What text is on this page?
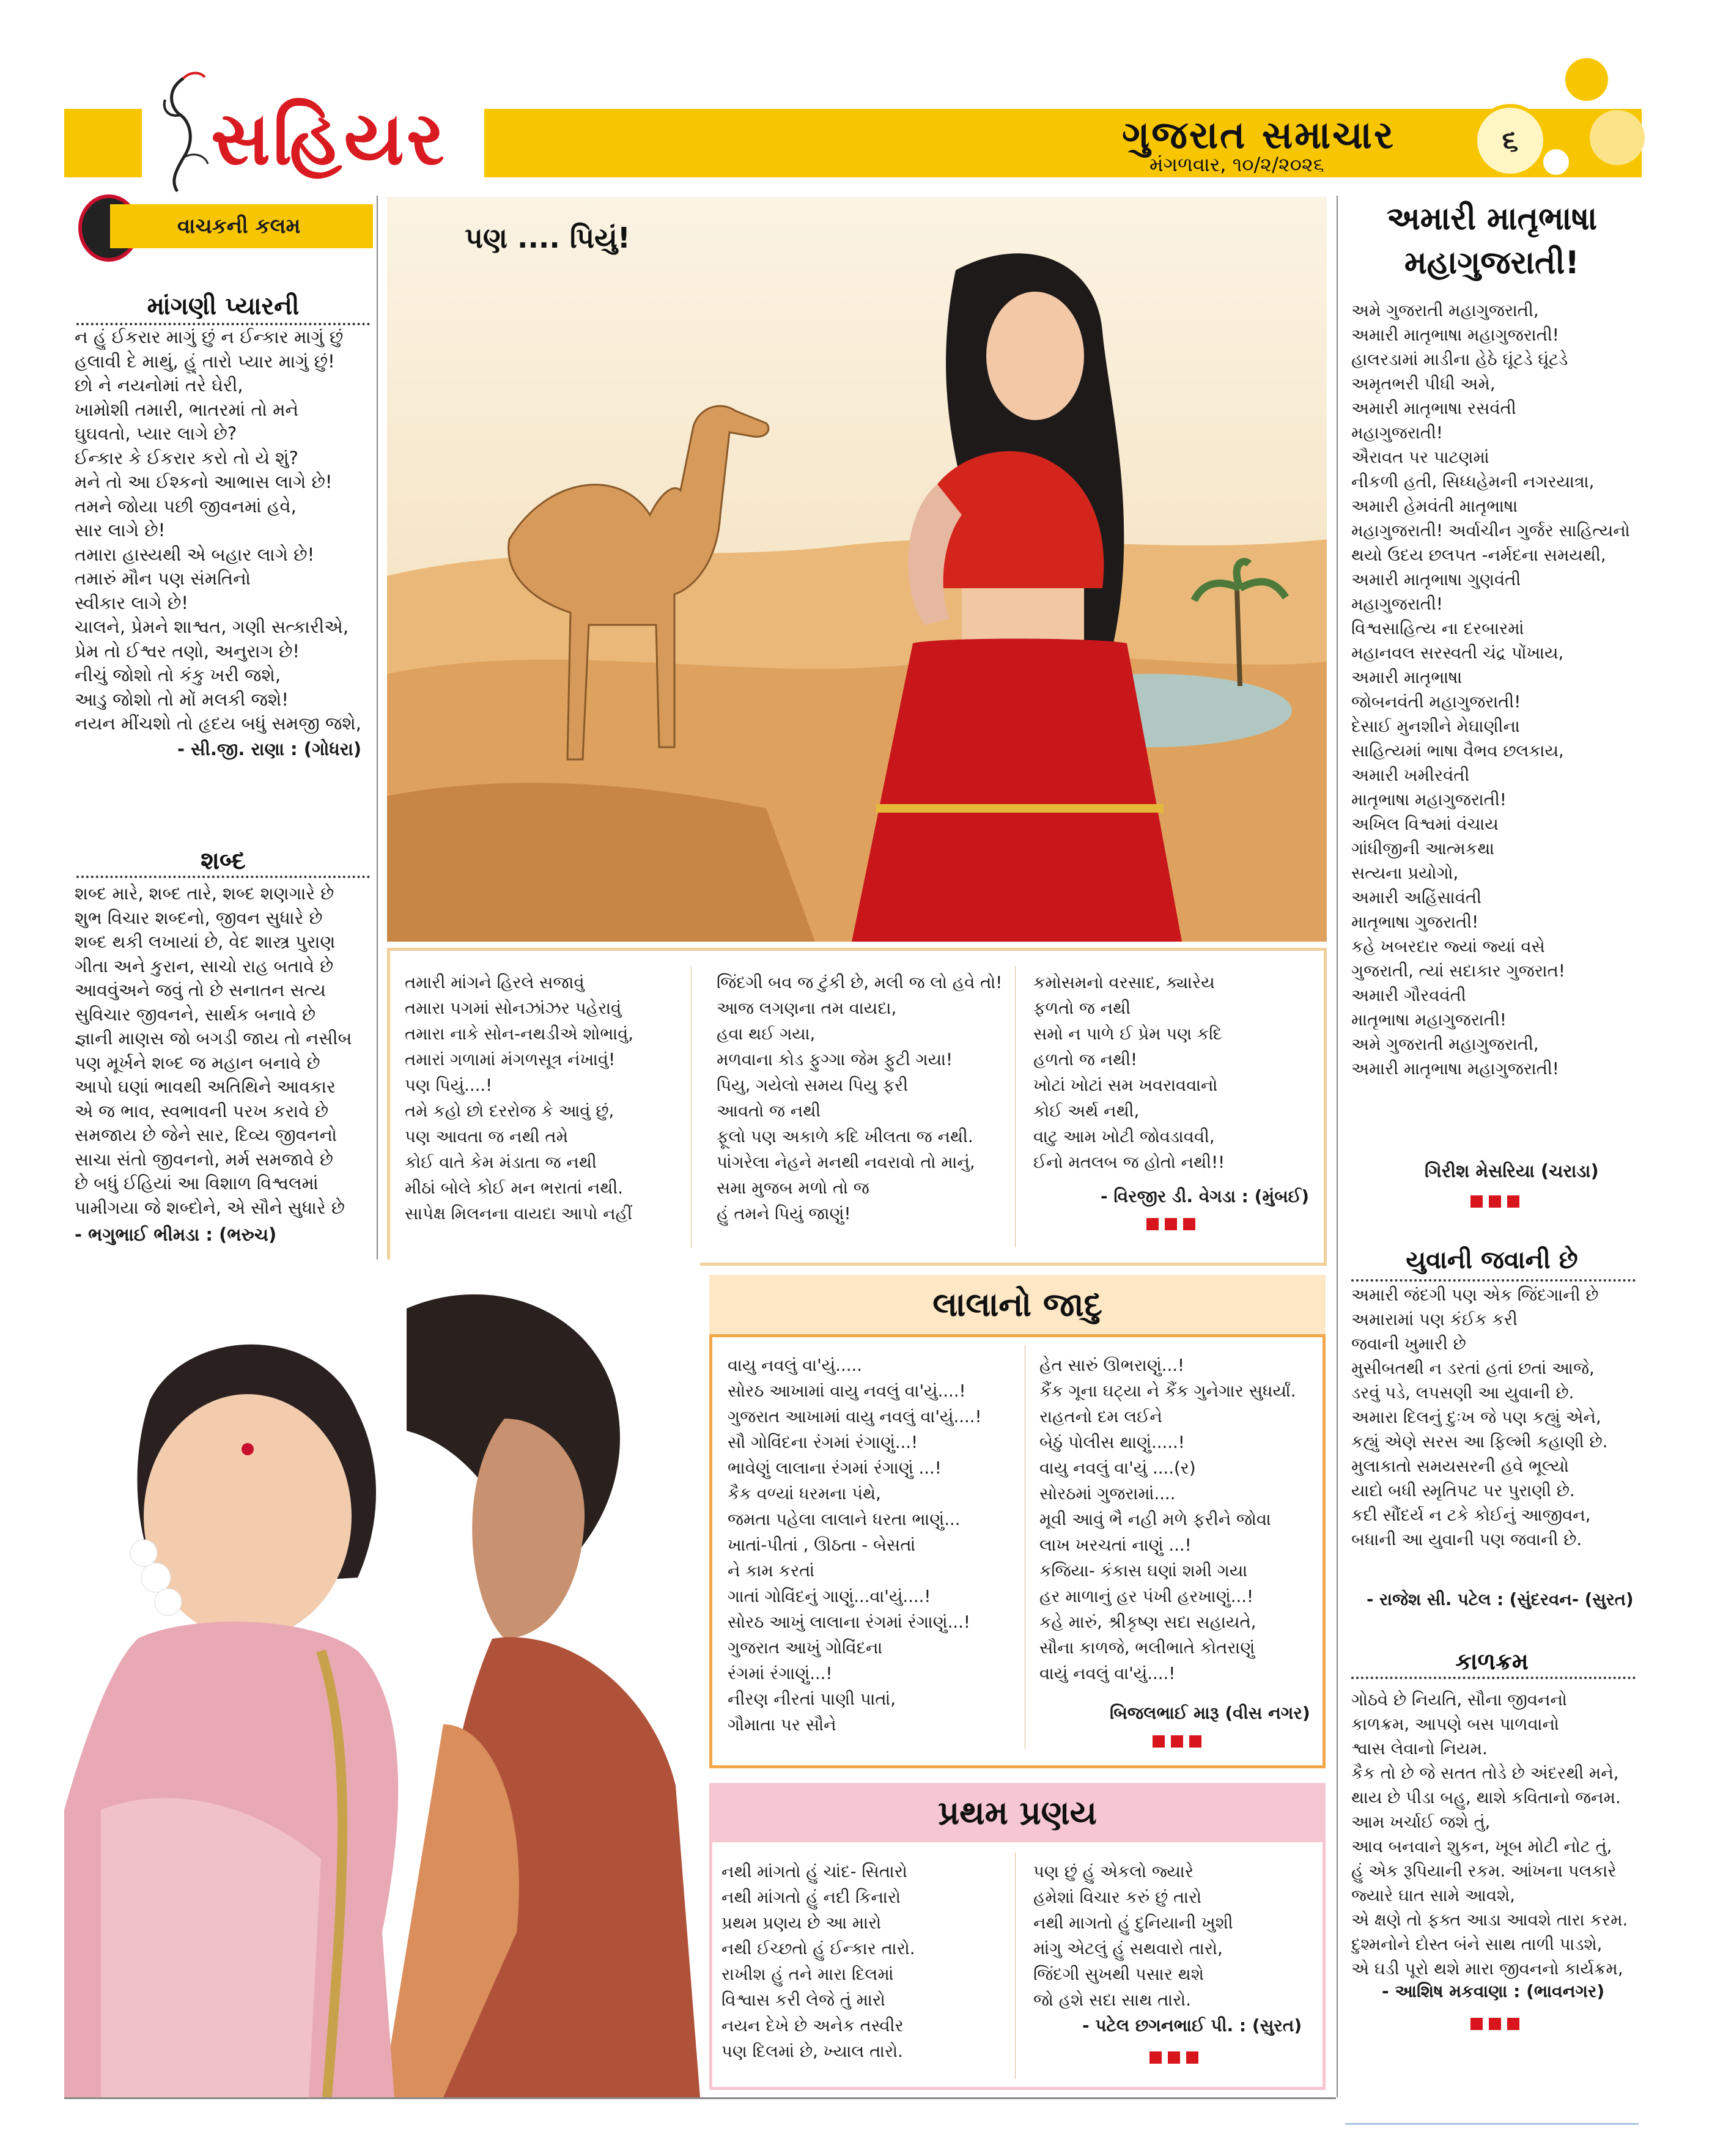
સહિયર	ગુજરાત સમાચાર
મંગળવાર, ૧૦/૨/૨૦૨૬
૬
વાચકની કલમ
માંગણી પ્યારની
ન હું ઈકરાર માગું છું ન ઈન્કાર માગું છું
હલાવી દે માથું, હું તારો પ્યાર માગું છું!
છો ને નયનોમાં તરે ઘેરી,
ખામોશી તમારી, ભાતરમાં તો મને
ઘુઘવતો, પ્યાર લાગે છે?
ઈન્કાર કે ઈકરાર કરો તો યે શું?
મને તો આ ઈશ્કનો આભાસ લાગે છે!
તમને જોયા પછી જીવનમાં હવે,
સાર લાગે છે!
તમારા હાસ્યથી એ બહાર લાગે છે!
તમારું મૌન પણ સંમતિનો
સ્વીકાર લાગે છે!
ચાલને, પ્રેમને શાશ્વત, ગણી સત્કારીએ,
પ્રેમ તો ઈશ્વર તણો, અનુરાગ છે!
નીચું જોશો તો કંકુ ખરી જશે,
આડુ જોશો તો મોં મલકી જશે!
નયન મીંચશો તો હૃદય બધું સમજી જશે,
- સી.જી. રાણા : (ગોધરા)
શબ્દ
શબ્દ મારે, શબ્દ તારે, શબ્દ શણગારે છે
શુભ વિચાર શબ્દનો, જીવન સુધારે છે
શબ્દ થકી લખાયાં છે, વેદ શાસ્ત્ર પુરાણ
ગીતા અને કુરાન, સાચો રાહ બતાવે છે
આવવુંઅને જવું તો છે સનાતન સત્ય
સુવિચાર જીવનને, સાર્થક બનાવે છે
જ્ઞાની માણસ જો બગડી જાય તો નસીબ
પણ મૂર્ખને શબ્દ જ મહાન બનાવે છે
આપો ઘણાં ભાવથી અતિથિને આવકાર
એ જ ભાવ, સ્વભાવની પરખ કરાવે છે
સમજાય છે જેને સાર, દિવ્ય જીવનનો
સાચા સંતો જીવનનો, મર્મ સમજાવે છે
છે બધું ઈહિયાં આ વિશાળ વિશ્વલમાં
પામીગયા જે શબ્દોને, એ સૌને સુધારે છે
- ભગુભાઈ ભીમડા : (ભરુચ)
પણ .... પિયું!
તમારી માંગને હિરલે સજાવું
તમારા પગમાં સોનઝાંઝર પહેરાવું
તમારા નાકે સોન-નથડીએ શોભાવું,
તમારાં ગળામાં મંગળસૂત્ર નંખાવું!
પણ પિયું....!
તમે કહો છો દરરોજ કે આવું છું,
પણ આવતા જ નથી તમે
કોઈ વાતે કેમ મંડાતા જ નથી
મીઠાં બોલે કોઈ મન ભરાતાં નથી.
સાપેક્ષ મિલનના વાયદા આપો નહીં
જિંદગી બવ જ ટુંકી છે, મલી જ લો હવે તો!
આજ લગણના તમ વાયદા,
હવા થઈ ગયા,
મળવાના કોડ ફુગ્ગા જેમ ફુટી ગયા!
પિયુ, ગયેલો સમય પિયુ ફરી
આવતો જ નથી
ફૂલો પણ અકાળે કદિ ખીલતા જ નથી.
પાંગરેલા નેહને મનથી નવરાવો તો માનું,
સમા મુજબ મળો તો જ
હું તમને પિયું જાણું!
કમોસમનો વરસાદ, ક્યારેય
ફળતો જ નથી
સમો ન પાળે ઈ પ્રેમ પણ કદિ
હળતો જ નથી!
ખોટાં ખોટાં સમ ખવરાવવાનો
કોઈ અર્થ નથી,
વાટુ આમ ખોટી જોવડાવવી,
ઈનો મતલબ જ હોતો નથી!!
- વિરજીર ડી. વેગડા : (મુંબઈ)
લાલાનો જાદુ
વાયુ નવલું વા'યું.....
સોરઠ આખામાં વાયુ નવલું વા'યું....!
ગુજરાત આખામાં વાયુ નવલું વા'યું....!
સૌ ગોવિંદના રંગમાં રંગાણું...!
ભાવેણું લાલાના રંગમાં રંગાણું ...!
કૈક વળ્યાં ધરમના પંથે,
જમતા પહેલા લાલાને ધરતા ભાણું...
ખાતાં-પીતાં , ઊઠતા - બેસતાં
ને કામ કરતાં
ગાતાં ગોવિંદનું ગાણું...વા'યું....!
સોરઠ આખું લાલાના રંગમાં રંગાણું...!
ગુજરાત આખું ગોવિંદના
રંગમાં રંગાણું...!
નીરણ નીરતાં પાણી પાતાં,
ગૌમાતા પર સૌને
હેત સારું ઊભરાણું...!
કૈંક ગૂના ઘટ્યા ને કૈંક ગુનેગાર સુધર્યાં.
રાહતનો દમ લઈને
બેઠું પોલીસ થાણું.....!
વાયુ નવલું વા'યું ....(ર)
સોરઠમાં ગુજરામાં....
મૂવી આવું ભૈ નહી મળે ફરીને જોવા
લાખ ખરચતાં નાણું ...!
કજિયા- કંકાસ ઘણાં શમી ગયા
હર માળાનું હર પંખી હરખાણું...!
કહે મારું, શ્રીકૃષ્ણ સદા સહાયતે,
સૌના કાળજે, ભલીભાતે કોતરાણું
વાયું નવલું વા'યું....!
બિજલભાઈ મારૂ (વીસ નગર)
પ્રથમ પ્રણય
નથી માંગતો હું ચાંદ- સિતારો
નથી માંગતો હું નદી કિનારો
પ્રથમ પ્રણય છે આ મારો
નથી ઈચ્છતો હું ઈન્કાર તારો.
રાખીશ હું તને મારા દિલમાં
વિશ્વાસ કરી લેજે તું મારો
નયન દેખે છે અનેક તસ્વીર
પણ દિલમાં છે, ખ્યાલ તારો.
પણ છું હું એકલો જ્યારે
હમેશાં વિચાર કરું છું તારો
નથી માગતો હું દુનિયાની ખુશી
માંગુ એટલું હું સથવારો તારો,
જિંદગી સુખથી પસાર થશે
જો હશે સદા સાથ તારો.
- પટેલ છગનભાઈ પી. : (સુરત)
અમારી માતૃભાષા
મહાગુજરાતી!
અમે ગુજરાતી મહાગુજરાતી,
અમારી માતૃભાષા મહાગુજરાતી!
હાલરડામાં માડીના હેઠે ઘૂંટડે ઘૂંટડે
અમૃતભરી પીધી અમે,
અમારી માતૃભાષા રસવંતી
મહાગુજરાતી!
ઐરાવત પર પાટણમાં
નીકળી હતી, સિધ્ધહેમની નગરયાત્રા,
અમારી હેમવંતી માતૃભાષા
મહાગુજરાતી! અર્વાચીન ગુર્જર સાહિત્યનો
થયો ઉદય છલપત -નર્મદના સમયથી,
અમારી માતૃભાષા ગુણવંતી
મહાગુજરાતી!
વિશ્વસાહિત્ય ના દરબારમાં
મહાનવલ સરસ્વતી ચંદ્ર પોંખાય,
અમારી માતૃભાષા
જોબનવંતી મહાગુજરાતી!
દેસાઈ મુનશીને મેઘાણીના
સાહિત્યમાં ભાષા વૈભવ છલકાય,
અમારી ખમીરવંતી
માતૃભાષા મહાગુજરાતી!
અખિલ વિશ્વમાં વંચાય
ગાંધીજીની આત્મકથા
સત્યના પ્રયોગો,
અમારી અહિંસાવંતી
માતૃભાષા ગુજરાતી!
કહે ખબરદાર જ્યાં જ્યાં વસે
ગુજરાતી, ત્યાં સદાકાર ગુજરાત!
અમારી ગૌરવવંતી
માતૃભાષા મહાગુજરાતી!
અમે ગુજરાતી મહાગુજરાતી,
અમારી માતૃભાષા મહાગુજરાતી!
ગિરીશ મેસરિયા (ચરાડા)
યુવાની જવાની છે
અમારી જંદગી પણ એક જિંદગાની છે
અમારામાં પણ કંઈક કરી
જવાની ખુમારી છે
મુસીબતથી ન ડરતાં હતાં છતાં આજે,
ડરવું પડે, લપસણી આ યુવાની છે.
અમારા દિલનું દુઃખ જે પણ કહ્યું એને,
કહ્યું એણે સરસ આ ફિલ્મી કહાણી છે.
મુલાકાતો સમયસરની હવે ભૂલ્યો
યાદો બધી સ્મૃતિપટ પર પુરાણી છે.
કદી સૌંદર્ય ન ટકે કોઈનું આજીવન,
બધાની આ યુવાની પણ જવાની છે.
- રાજેશ સી. પટેલ : (સુંદરવન- (સુરત)
કાળક્રમ
ગોઠવે છે નિયતિ, સૌના જીવનનો
કાળક્રમ, આપણે બસ પાળવાનો
શ્વાસ લેવાનો નિયમ.
કૈક તો છે જે સતત તોડે છે અંદરથી મને,
થાય છે પીડા બહુ, થાશે કવિતાનો જનમ.
આમ ખર્ચાઈ જશે તું,
આવ બનવાને શુકન, ખૂબ મોટી નોટ તું,
હું એક રૂપિયાની રકમ. આંખના પલકારે
જ્યારે ઘાત સામે આવશે,
એ ક્ષણે તો ફક્ત આડા આવશે તારા કરમ.
દુશ્મનોને દોસ્ત બંને સાથ તાળી પાડશે,
એ ઘડી પૂરો થશે મારા જીવનનો કાર્યક્રમ,
- આશિષ મકવાણા : (ભાવનગર)
